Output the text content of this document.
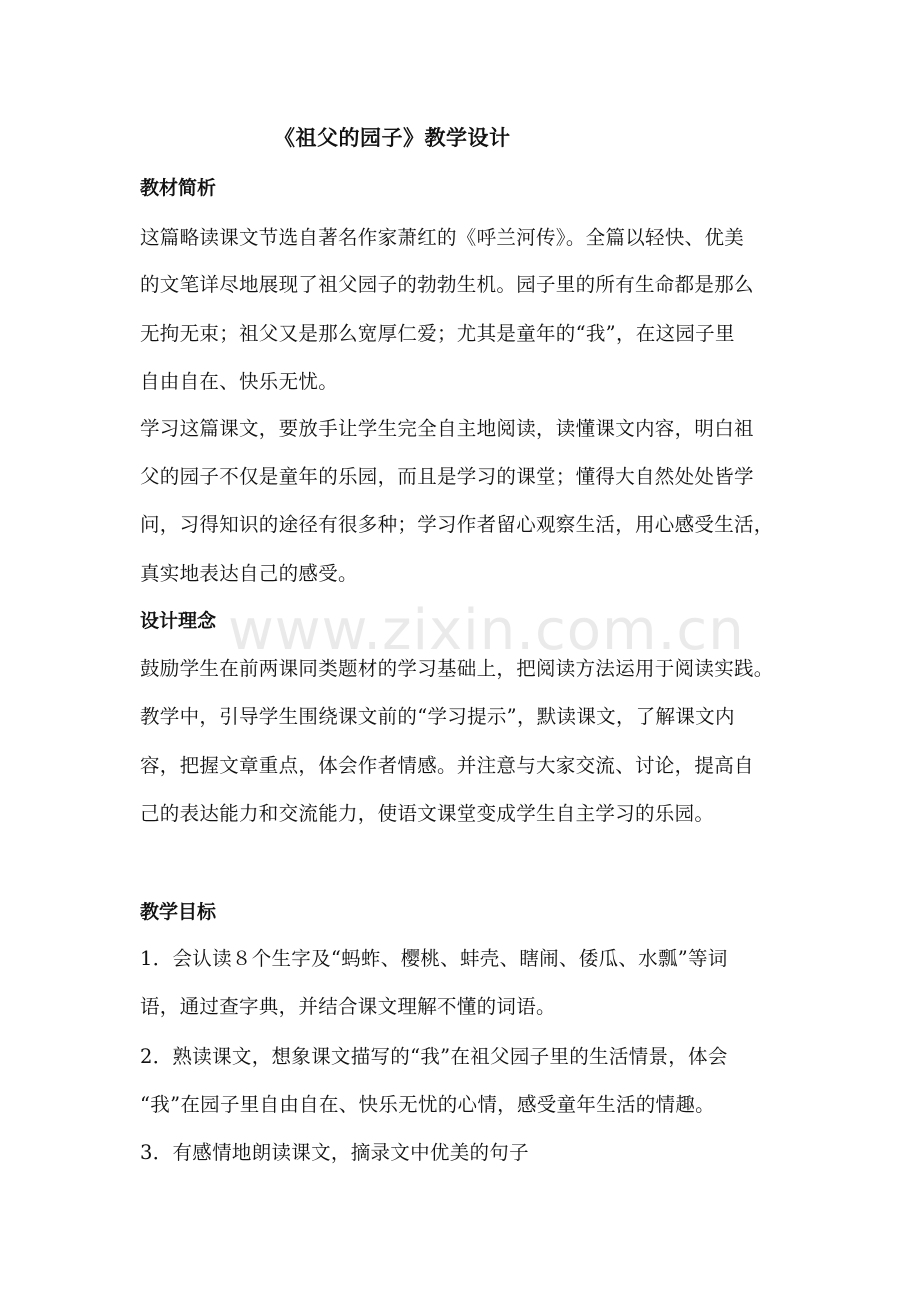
www.zixin.com.cn
《祖父的园子》教学设计
教材简析
这篇略读课文节选自著名作家萧红的《呼兰河传》。全篇以轻快、优美
的文笔详尽地展现了祖父园子的勃勃生机。园子里的所有生命都是那么
无拘无束；祖父又是那么宽厚仁爱；尤其是童年的“我”，在这园子里
自由自在、快乐无忧。
学习这篇课文，要放手让学生完全自主地阅读，读懂课文内容，明白祖
父的园子不仅是童年的乐园，而且是学习的课堂；懂得大自然处处皆学
问，习得知识的途径有很多种；学习作者留心观察生活，用心感受生活，
真实地表达自己的感受。
设计理念
鼓励学生在前两课同类题材的学习基础上，把阅读方法运用于阅读实践。
教学中，引导学生围绕课文前的“学习提示”，默读课文，了解课文内
容，把握文章重点，体会作者情感。并注意与大家交流、讨论，提高自
己的表达能力和交流能力，使语文课堂变成学生自主学习的乐园。
教学目标
1．会认读８个生字及“蚂蚱、樱桃、蚌壳、瞎闹、倭瓜、水瓢”等词
语，通过查字典，并结合课文理解不懂的词语。
2．熟读课文，想象课文描写的“我”在祖父园子里的生活情景，体会
“我”在园子里自由自在、快乐无忧的心情，感受童年生活的情趣。
3．有感情地朗读课文，摘录文中优美的句子
